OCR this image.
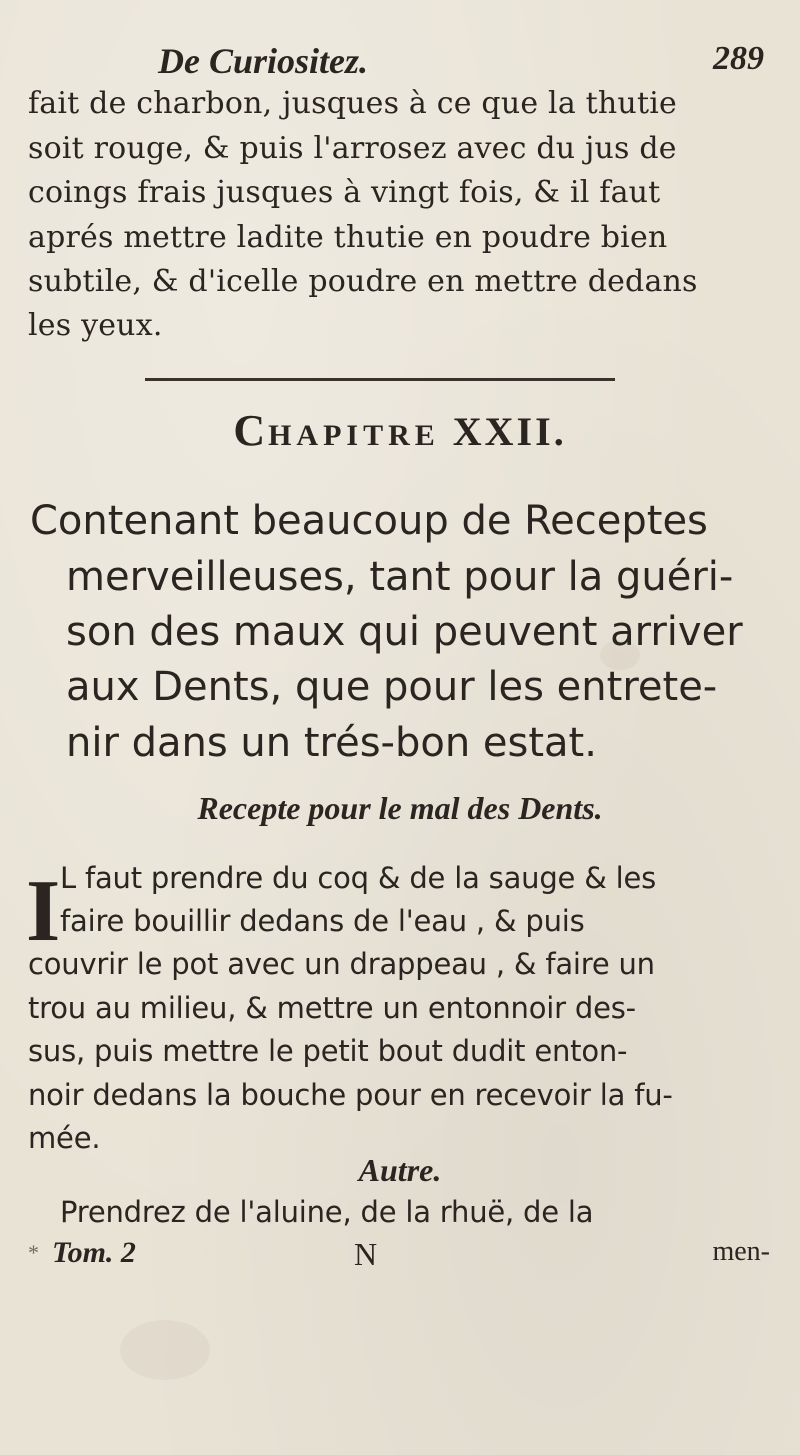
De Curiositez.	289
fait de charbon, jusques à ce que la thutie
soit rouge, & puis l'arrosez avec du jus de
coings frais jusques à vingt fois, & il faut
aprés mettre ladite thutie en poudre bien
subtile, & d'icelle poudre en mettre dedans
les yeux.
CHAPITRE XXII.
Contenant beaucoup de Receptes
merveilleuses, tant pour la guéri-
son des maux qui peuvent arriver
aux Dents, que pour les entrete-
nir dans un trés-bon estat.
Recepte pour le mal des Dents.
I L faut prendre du coq & de la sauge & les
faire bouillir dedans de l'eau , & puis
couvrir le pot avec un drappeau , & faire un
trou au milieu, & mettre un entonnoir des-
sus, puis mettre le petit bout dudit enton-
noir dedans la bouche pour en recevoir la fu-
mée.
Autre.
Prendrez de l'aluine, de la rhuë, de la
* Tom. 2	N	men-
